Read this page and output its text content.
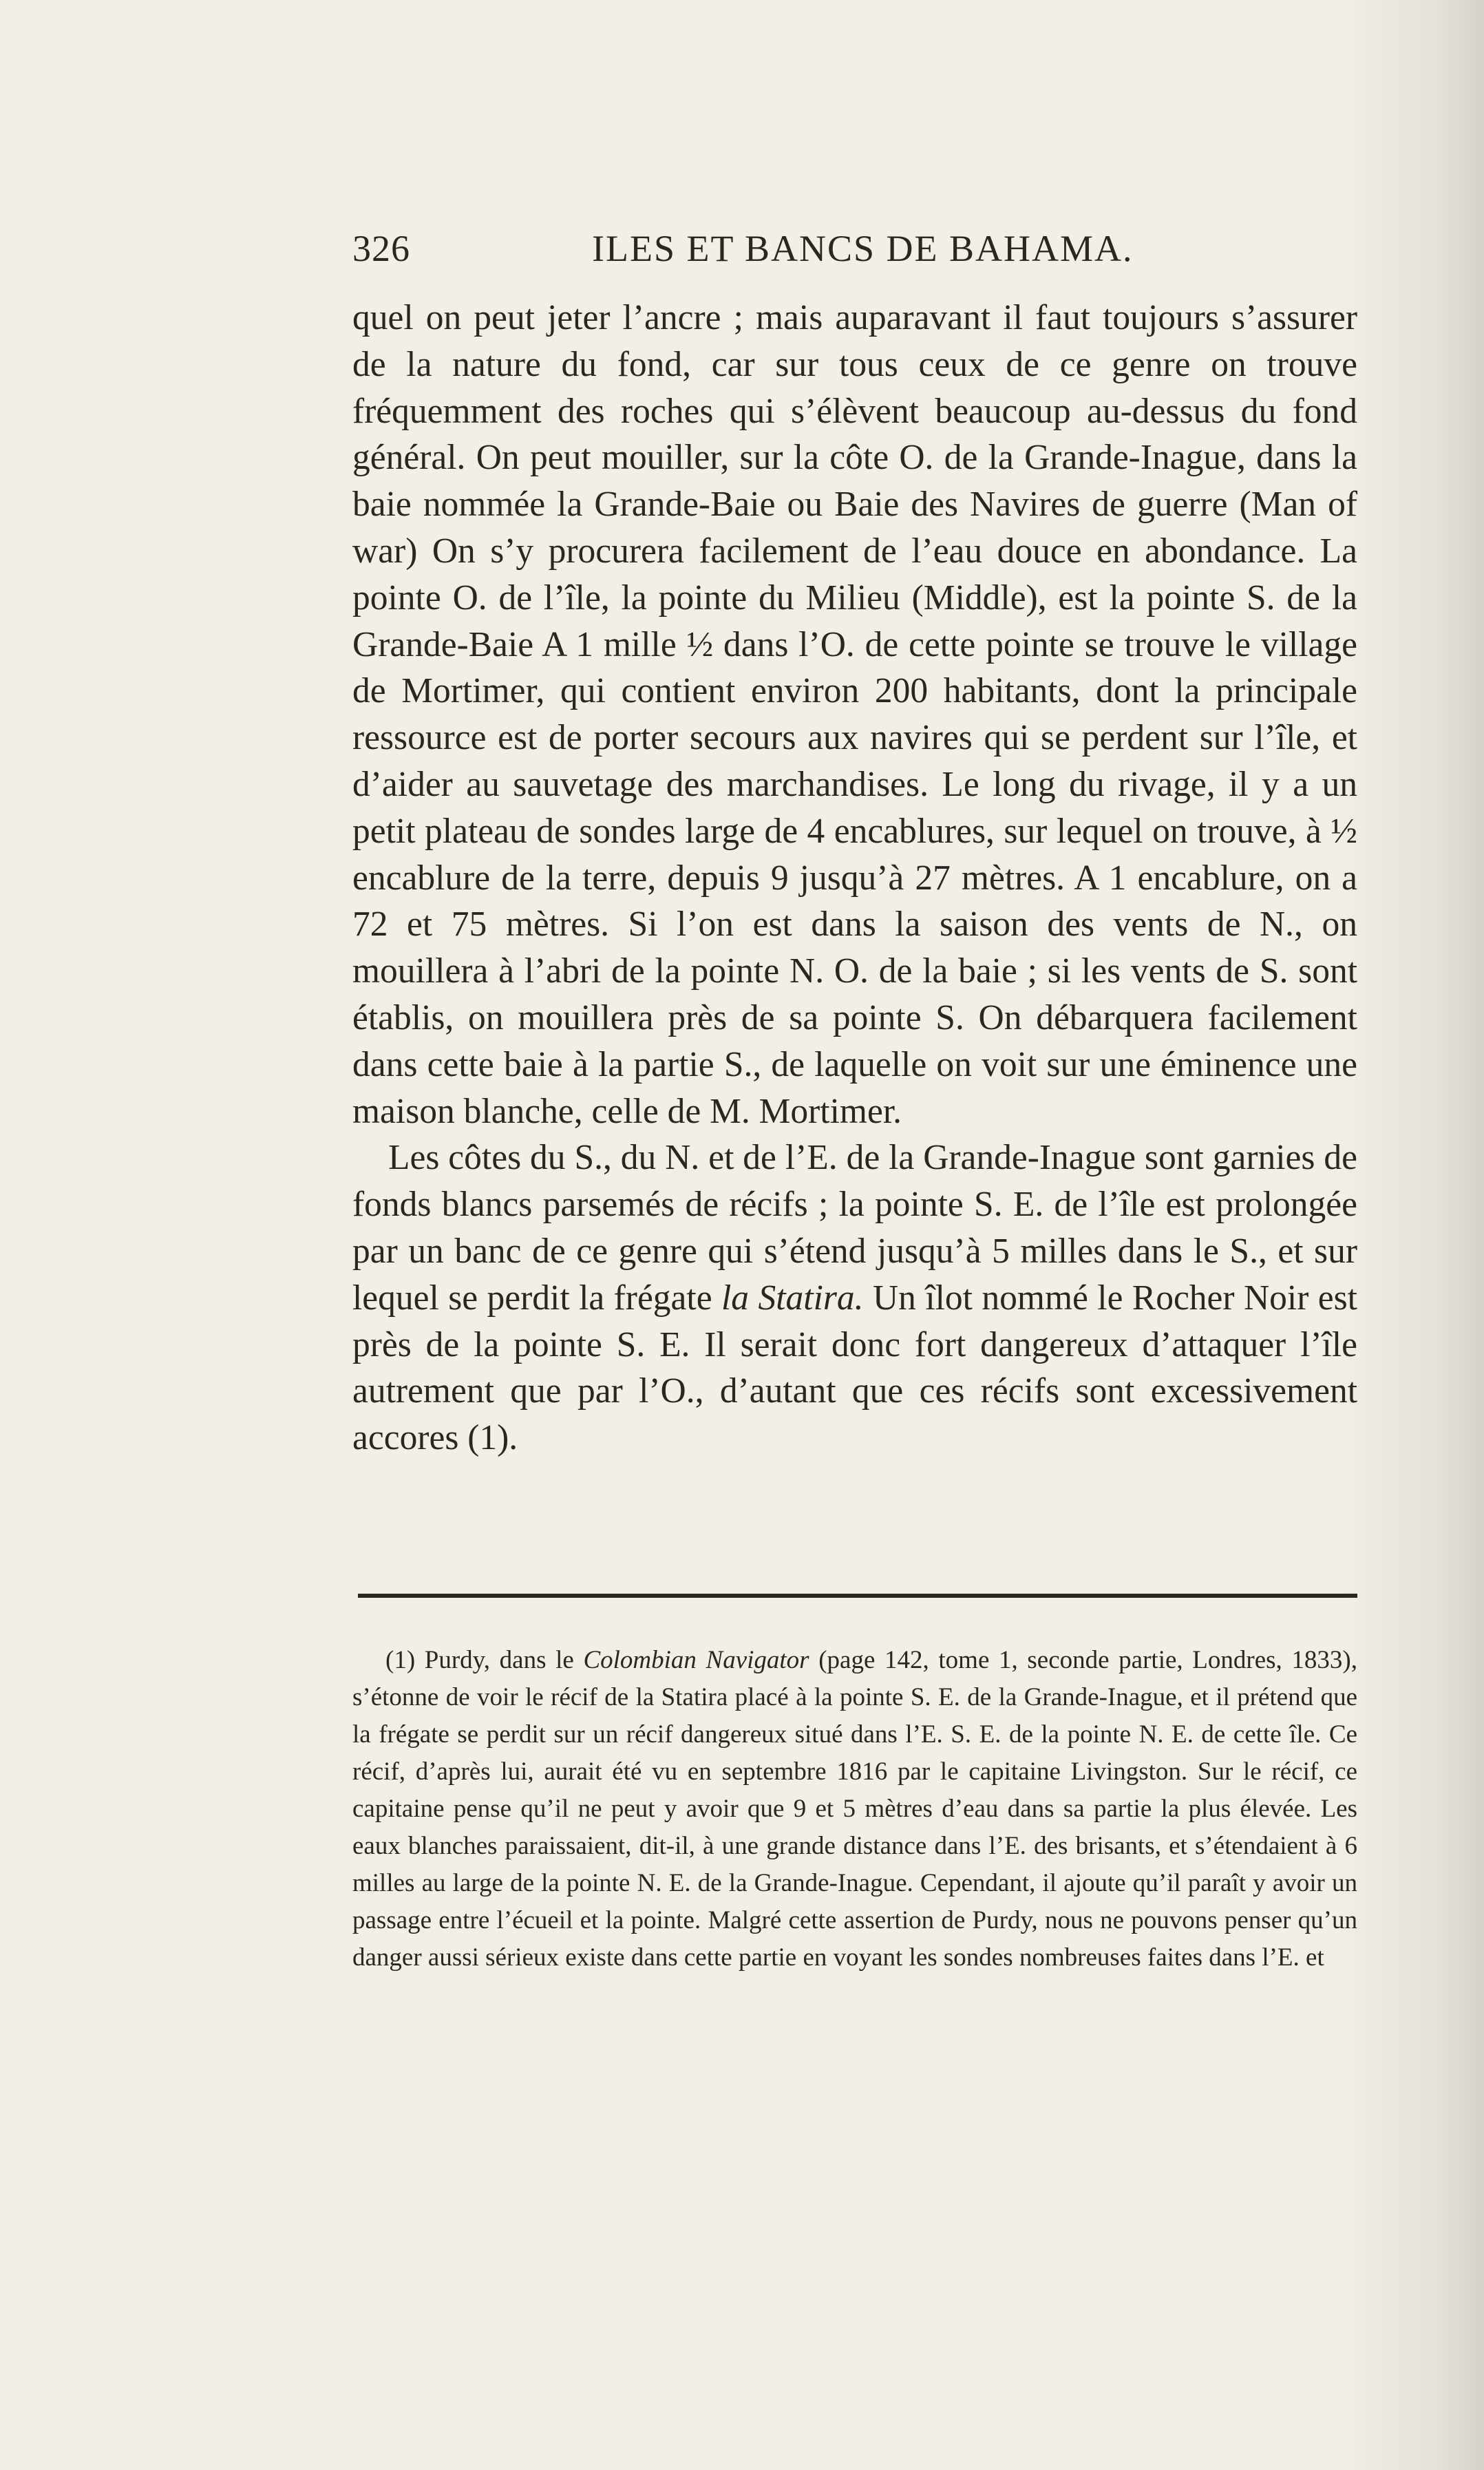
326	ILES ET BANCS DE BAHAMA.

quel on peut jeter l’ancre ; mais auparavant il faut toujours s’assurer de la nature du fond, car sur tous ceux de ce genre on trouve fréquemment des roches qui s’élèvent beaucoup au-dessus du fond général. On peut mouiller, sur la côte O. de la Grande-Inague, dans la baie nommée la Grande-Baie ou Baie des Navires de guerre (Man of war) On s’y procurera facilement de l’eau douce en abondance. La pointe O. de l’île, la pointe du Milieu (Middle), est la pointe S. de la Grande-Baie A 1 mille ½ dans l’O. de cette pointe se trouve le village de Mortimer, qui contient environ 200 habitants, dont la principale ressource est de porter secours aux navires qui se perdent sur l’île, et d’aider au sauvetage des marchandises. Le long du rivage, il y a un petit plateau de sondes large de 4 encablures, sur lequel on trouve, à ½ encablure de la terre, depuis 9 jusqu’à 27 mètres. A 1 encablure, on a 72 et 75 mètres. Si l’on est dans la saison des vents de N., on mouillera à l’abri de la pointe N. O. de la baie ; si les vents de S. sont établis, on mouillera près de sa pointe S. On débarquera facilement dans cette baie à la partie S., de laquelle on voit sur une éminence une maison blanche, celle de M. Mortimer.

Les côtes du S., du N. et de l’E. de la Grande-Inague sont garnies de fonds blancs parsemés de récifs ; la pointe S. E. de l’île est prolongée par un banc de ce genre qui s’étend jusqu’à 5 milles dans le S., et sur lequel se perdit la frégate la Statira. Un îlot nommé le Rocher Noir est près de la pointe S. E. Il serait donc fort dangereux d’attaquer l’île autrement que par l’O., d’autant que ces récifs sont excessivement accores (1).

(1) Purdy, dans le Colombian Navigator (page 142, tome 1, seconde partie, Londres, 1833), s’étonne de voir le récif de la Statira placé à la pointe S. E. de la Grande-Inague, et il prétend que la frégate se perdit sur un récif dangereux situé dans l’E. S. E. de la pointe N. E. de cette île. Ce récif, d’après lui, aurait été vu en septembre 1816 par le capitaine Livingston. Sur le récif, ce capitaine pense qu’il ne peut y avoir que 9 et 5 mètres d’eau dans sa partie la plus élevée. Les eaux blanches paraissaient, dit-il, à une grande distance dans l’E. des brisants, et s’étendaient à 6 milles au large de la pointe N. E. de la Grande-Inague. Cependant, il ajoute qu’il paraît y avoir un passage entre l’écueil et la pointe. Malgré cette assertion de Purdy, nous ne pouvons penser qu’un danger aussi sérieux existe dans cette partie en voyant les sondes nombreuses faites dans l’E. et
